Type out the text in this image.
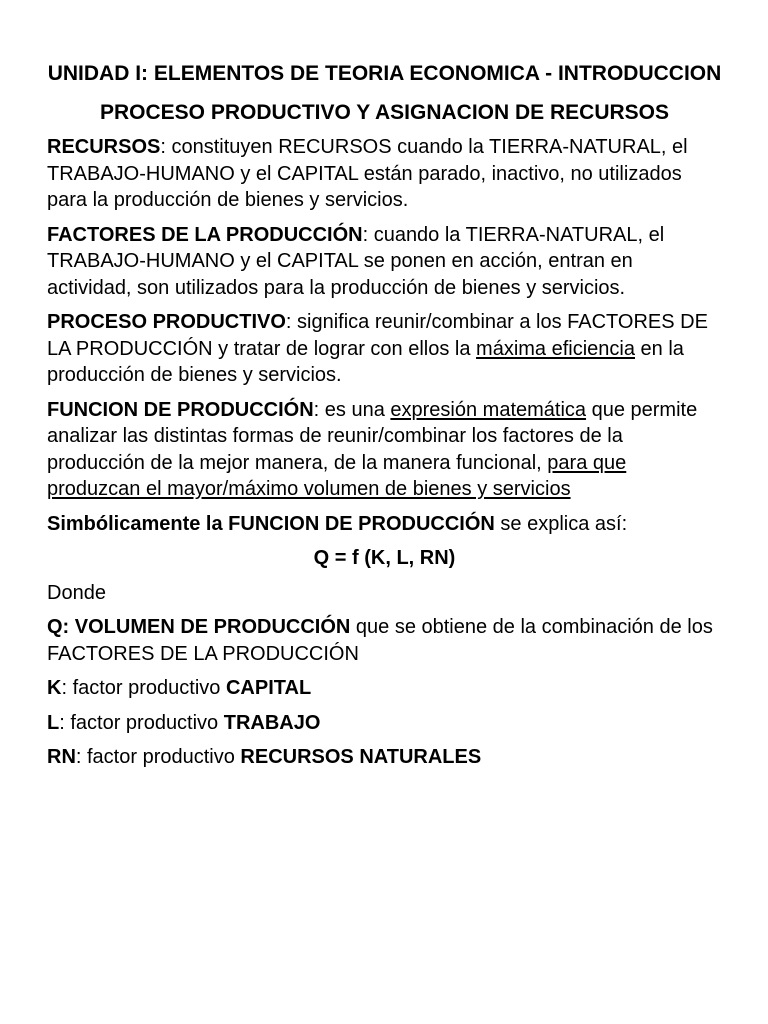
UNIDAD I: ELEMENTOS DE TEORIA ECONOMICA - INTRODUCCION
PROCESO PRODUCTIVO Y ASIGNACION DE RECURSOS

RECURSOS: constituyen RECURSOS cuando la TIERRA-NATURAL, el TRABAJO-HUMANO y el CAPITAL están parado, inactivo, no utilizados para la producción de bienes y servicios.

FACTORES DE LA PRODUCCIÓN: cuando la TIERRA-NATURAL, el TRABAJO-HUMANO y el CAPITAL se ponen en acción, entran en actividad, son utilizados para la producción de bienes y servicios.

PROCESO PRODUCTIVO: significa reunir/combinar a los FACTORES DE LA PRODUCCIÓN y tratar de lograr con ellos la máxima eficiencia en la producción de bienes y servicios.

FUNCION DE PRODUCCIÓN: es una expresión matemática que permite analizar las distintas formas de reunir/combinar los factores de la producción de la mejor manera, de la manera funcional, para que produzcan el mayor/máximo volumen de bienes y servicios

Simbólicamente la FUNCION DE PRODUCCIÓN se explica así:

Q = f (K, L, RN)

Donde

Q: VOLUMEN DE PRODUCCIÓN que se obtiene de la combinación de los FACTORES DE LA PRODUCCIÓN

K: factor productivo CAPITAL

L: factor productivo TRABAJO

RN: factor productivo RECURSOS NATURALES
